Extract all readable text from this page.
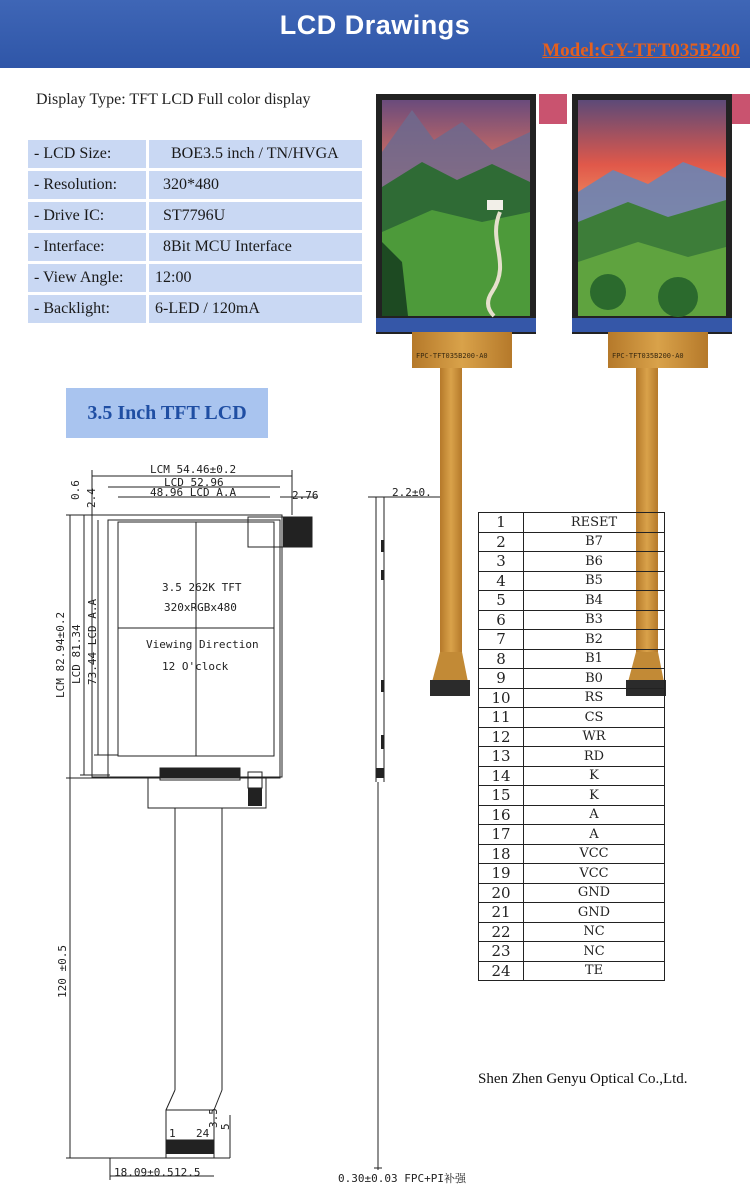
LCD Drawings
Model:GY-TFT035B200
Display Type: TFT LCD Full color display
- LCD Size:	BOE3.5 inch / TN/HVGA
- Resolution:	320*480
- Drive IC:	ST7796U
- Interface:	8Bit MCU Interface
- View Angle:	12:00
- Backlight:	6-LED / 120mA
3.5 Inch TFT LCD
FPC-TFT035B200-A0	FPC-TFT035B200-A0
LCM 54.46±0.2
LCD 52.96
48.96 LCD A.A	2.76
0.6 2.4
LCM 82.94±0.2 LCD 81.34 73.44 LCD A.A
3.5 262K TFT
320xRGBx480
Viewing Direction
12 O'clock
120 ±0.5
18.09±0.5 12.5
1 24
3.5 5
2.2±0.
0.30±0.03 FPC+PI补强
1	RESET
2	B7
3	B6
4	B5
5	B4
6	B3
7	B2
8	B1
9	B0
10	RS
11	CS
12	WR
13	RD
14	K
15	K
16	A
17	A
18	VCC
19	VCC
20	GND
21	GND
22	NC
23	NC
24	TE
Shen Zhen Genyu Optical Co.,Ltd.
